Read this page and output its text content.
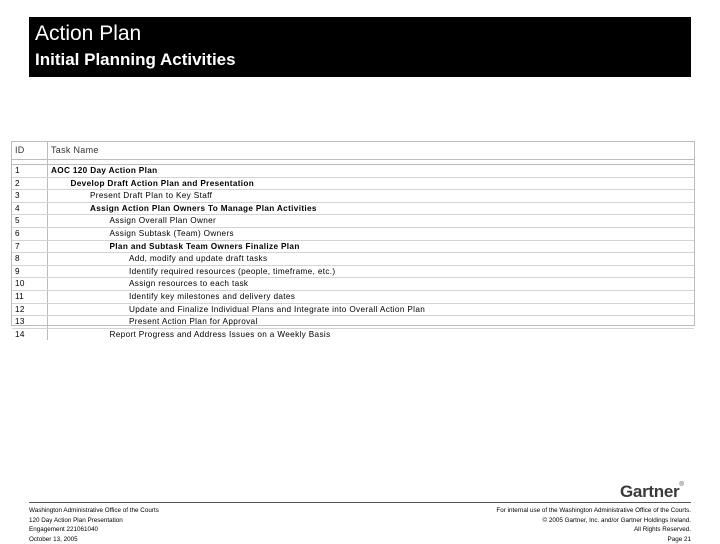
Action Plan
Initial Planning Activities
ID	Task Name
1	AOC 120 Day Action Plan
2	Develop Draft Action Plan and Presentation
3	Present Draft Plan to Key Staff
4	Assign Action Plan Owners To Manage Plan Activities
5	Assign Overall Plan Owner
6	Assign Subtask (Team) Owners
7	Plan and Subtask Team Owners Finalize Plan
8	Add, modify and update draft tasks
9	Identify required resources (people, timeframe, etc.)
10	Assign resources to each task
11	Identify key milestones and delivery dates
12	Update and Finalize Individual Plans and Integrate into Overall Action Plan
13	Present Action Plan for Approval
14	Report Progress and Address Issues on a Weekly Basis
Gartner®
Washington Administrative Office of the Courts
120 Day Action Plan Presentation
Engagement 221061040
October 13, 2005
For internal use of the Washington Administrative Office of the Courts.
© 2005 Gartner, Inc. and/or Gartner Holdings Ireland.
All Rights Reserved.
Page 21
